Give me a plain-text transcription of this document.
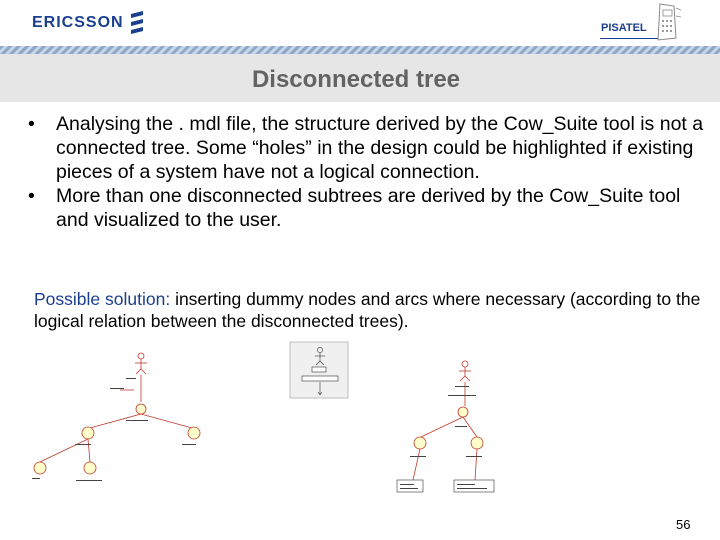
ERICSSON	PISATEL
Disconnected tree
• Analysing the . mdl file, the structure derived by the Cow_Suite tool is not a connected tree. Some “holes” in the design could be highlighted if existing pieces of a system have not a logical connection.
• More than one disconnected subtrees are derived by the Cow_Suite tool and visualized to the user.
Possible solution: inserting dummy nodes and arcs where necessary (according to the logical relation between the disconnected trees).
56
